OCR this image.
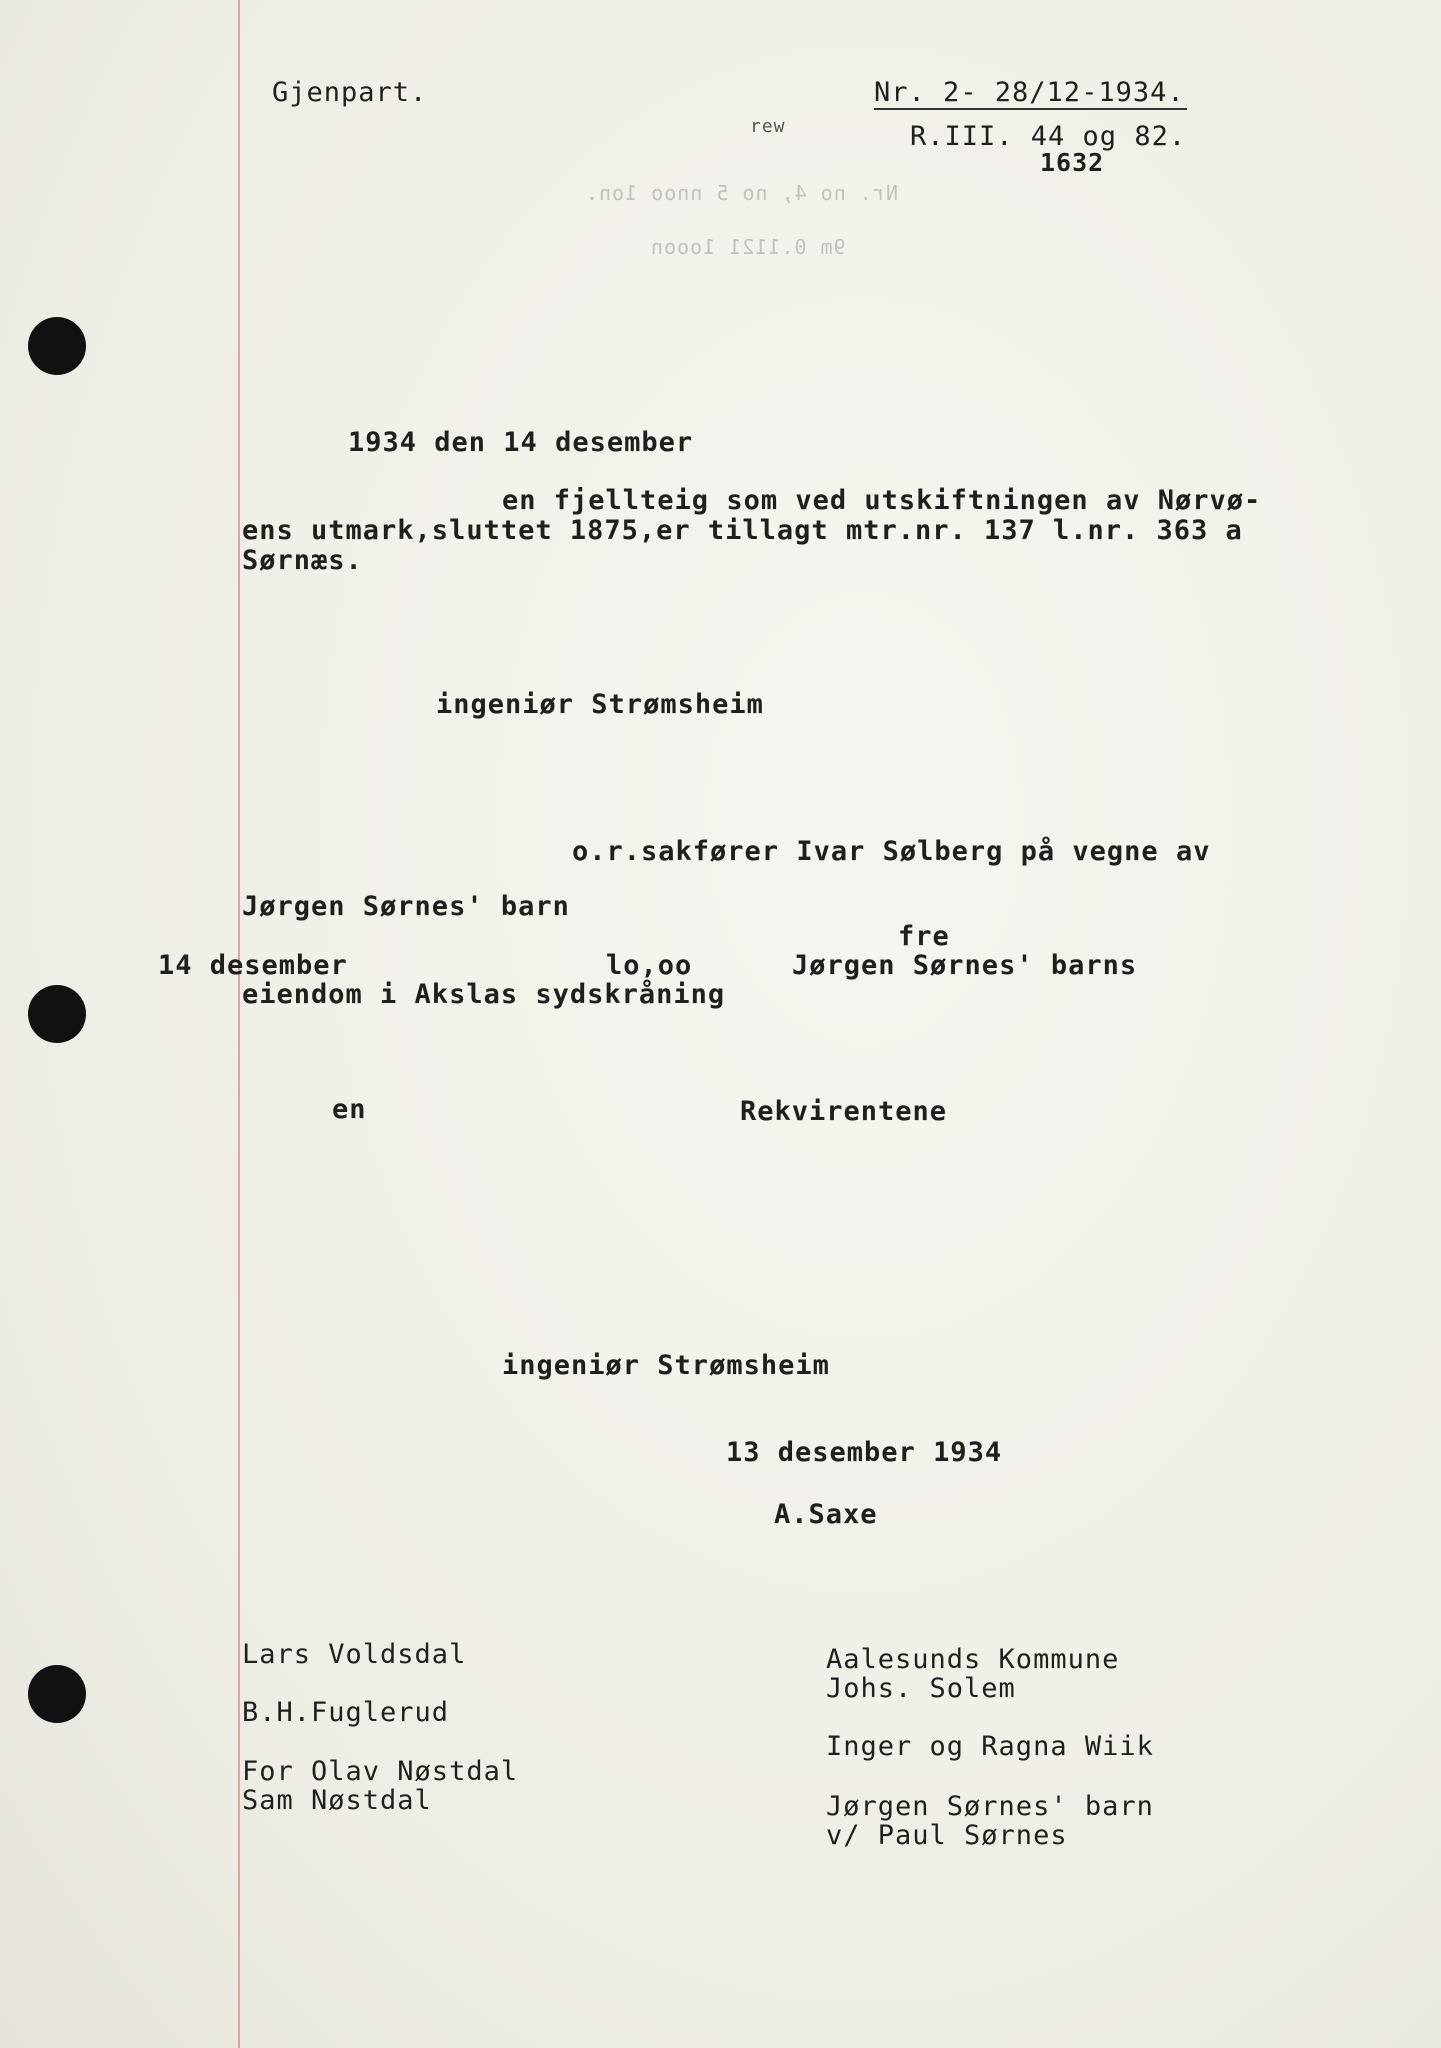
Gjenpart.	Nr. 2- 28/12-1934.
rew	R.III. 44 og 82.
1632
Nr. no 4, no 5 nnoo 1on.
9m 0.1121 1ooon
1934 den 14 desember
en fjellteig som ved utskiftningen av Nørvø-
ens utmark,sluttet 1875,er tillagt mtr.nr. 137 l.nr. 363 a
Sørnæs.
ingeniør Strømsheim
o.r.sakfører Ivar Sølberg på vegne av
Jørgen Sørnes' barn
fre
14 desember	lo,oo	Jørgen Sørnes' barns
eiendom i Akslas sydskråning
en	Rekvirentene
ingeniør Strømsheim
13 desember 1934
A.Saxe
Lars Voldsdal
B.H.Fuglerud
For Olav Nøstdal
Sam Nøstdal
Aalesunds Kommune
Johs. Solem
Inger og Ragna Wiik
Jørgen Sørnes' barn
v/ Paul Sørnes
